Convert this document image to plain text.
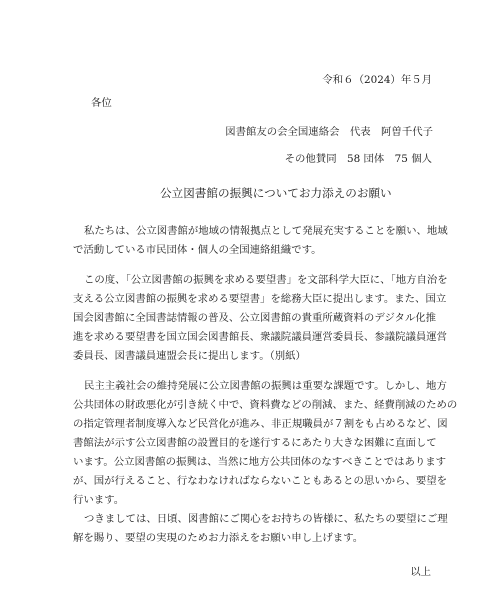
令和６（2024）年５月
各位
図書館友の会全国連絡会　代表　阿曽千代子
その他賛同　58 団体　75 個人
公立図書館の振興についてお力添えのお願い
私たちは、公立図書館が地域の情報拠点として発展充実することを願い、地域
で活動している市民団体・個人の全国連絡組織です。
この度、「公立図書館の振興を求める要望書」を文部科学大臣に、「地方自治を
支える公立図書館の振興を求める要望書」を総務大臣に提出します。また、国立
国会図書館に全国書誌情報の普及、公立図書館の貴重所蔵資料のデジタル化推
進を求める要望書を国立国会図書館長、衆議院議員運営委員長、参議院議員運営
委員長、図書議員連盟会長に提出します。（別紙）
民主主義社会の維持発展に公立図書館の振興は重要な課題です。しかし、地方
公共団体の財政悪化が引き続く中で、資料費などの削減、また、経費削減のための
の指定管理者制度導入など民営化が進み、非正規職員が７割をも占めるなど、図
書館法が示す公立図書館の設置目的を遂行するにあたり大きな困難に直面して
います。公立図書館の振興は、当然に地方公共団体のなすべきことではあります
が、国が行えること、行なわなければならないこともあるとの思いから、要望を
行います。
つきましては、日頃、図書館にご関心をお持ちの皆様に、私たちの要望にご理
解を賜り、要望の実現のためお力添えをお願い申し上げます。
以上
